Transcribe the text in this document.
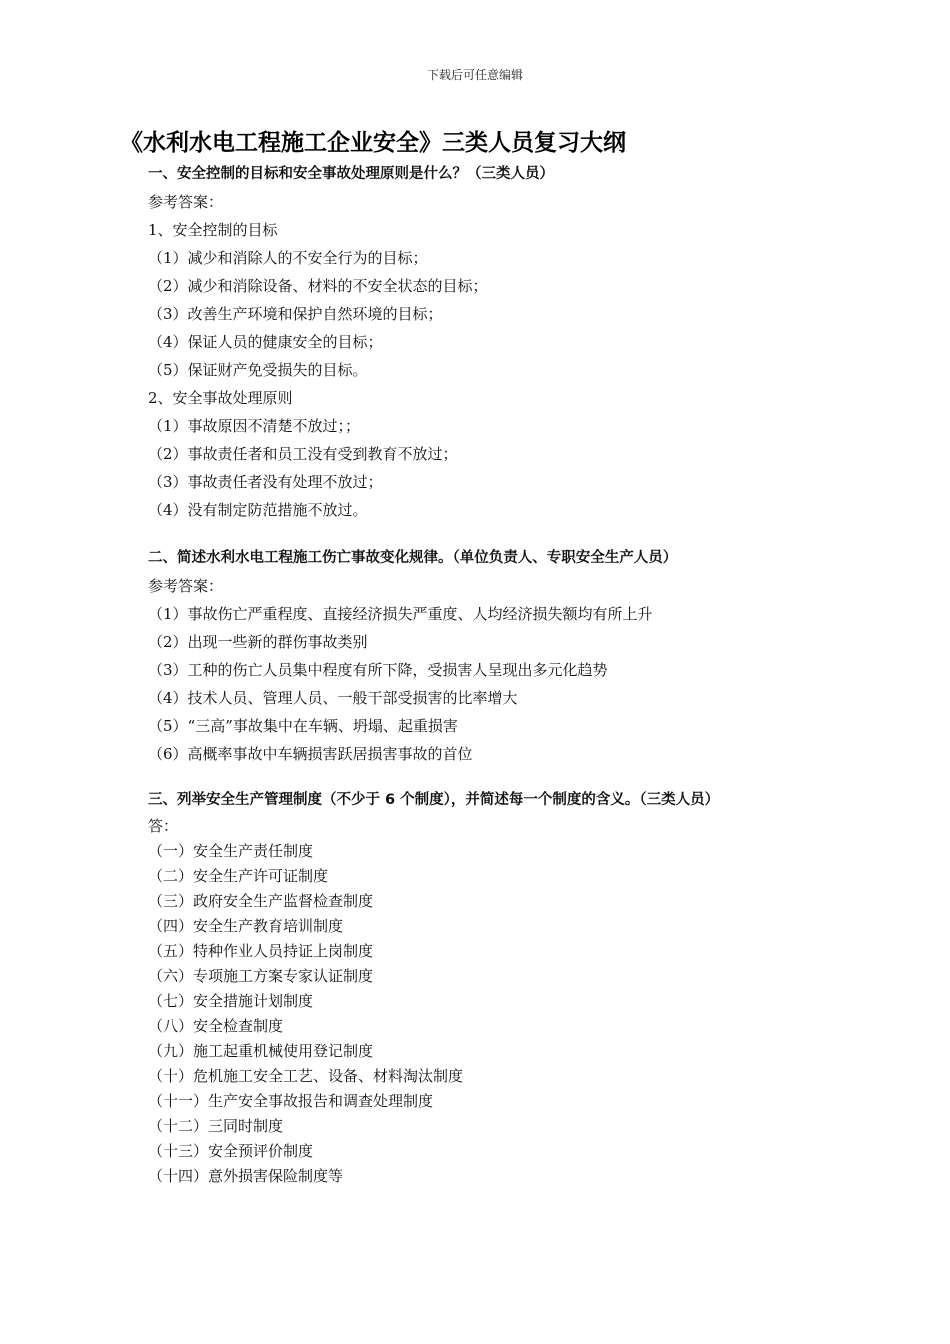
下载后可任意编辑
《水利水电工程施工企业安全》三类人员复习大纲
一、安全控制的目标和安全事故处理原则是什么？（三类人员）
参考答案：
1、安全控制的目标
（1）减少和消除人的不安全行为的目标；
（2）减少和消除设备、材料的不安全状态的目标；
（3）改善生产环境和保护自然环境的目标；
（4）保证人员的健康安全的目标；
（5）保证财产免受损失的目标。
2、安全事故处理原则
（1）事故原因不清楚不放过；；
（2）事故责任者和员工没有受到教育不放过；
（3）事故责任者没有处理不放过；
（4）没有制定防范措施不放过。
二、简述水利水电工程施工伤亡事故变化规律。（单位负责人、专职安全生产人员）
参考答案：
（1）事故伤亡严重程度、直接经济损失严重度、人均经济损失额均有所上升
（2）出现一些新的群伤事故类别
（3）工种的伤亡人员集中程度有所下降，受损害人呈现出多元化趋势
（4）技术人员、管理人员、一般干部受损害的比率增大
（5）“三高”事故集中在车辆、坍塌、起重损害
（6）高概率事故中车辆损害跃居损害事故的首位
三、列举安全生产管理制度（不少于 6 个制度），并简述每一个制度的含义。（三类人员）
答：
（一）安全生产责任制度
（二）安全生产许可证制度
（三）政府安全生产监督检查制度
（四）安全生产教育培训制度
（五）特种作业人员持证上岗制度
（六）专项施工方案专家认证制度
（七）安全措施计划制度
（八）安全检查制度
（九）施工起重机械使用登记制度
（十）危机施工安全工艺、设备、材料淘汰制度
（十一）生产安全事故报告和调查处理制度
（十二）三同时制度
（十三）安全预评价制度
（十四）意外损害保险制度等
